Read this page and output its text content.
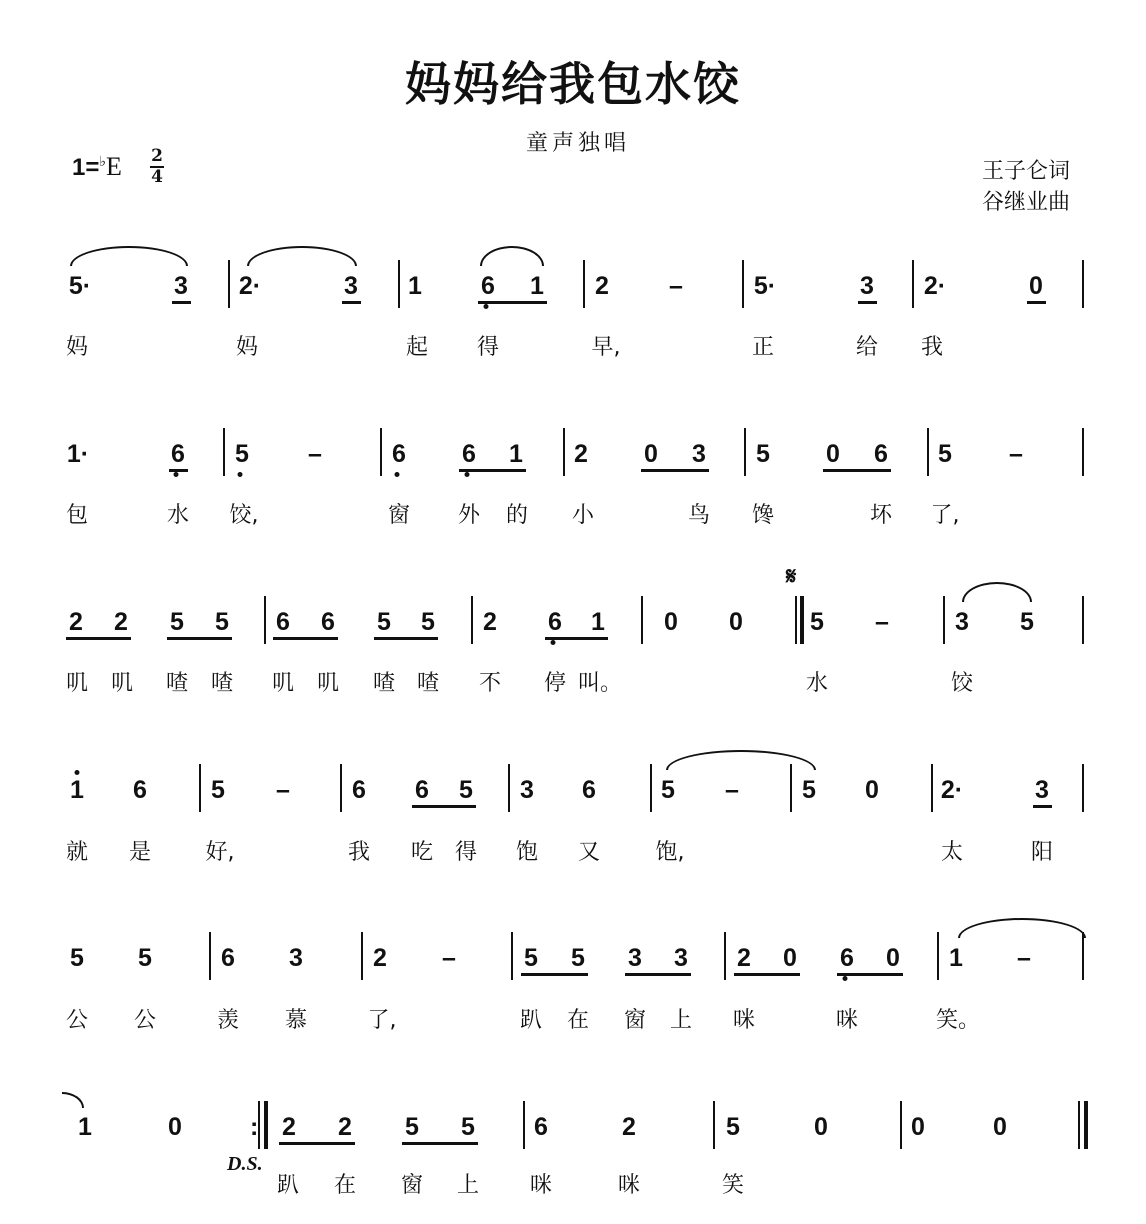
妈妈给我包水饺
童声独唱
1=♭E 2
4	王子仑词
谷继业曲
𝄋
D.S.
:
5·	3 2·	3 1 6 1 2 –	5·	3 2·	0
妈	妈	起 得	早,	正	给 我
1·	6 5 –	6 6 1 2 0 3 5 0 6 5 –
包	水 饺,	窗 外 的 小	鸟 馋	坏 了,
2 2 5 5 6 6 5 5 2 6 1 0 0	5 –	3 5
叽 叽 喳 喳 叽 叽 喳 喳 不 停 叫。	水	饺
1 6	5 – 6 6 5 3 6	5 –	5 0 2·	3
就 是 好,	我 吃 得 饱 又	饱,	太	阳
5 5	6 3	2 –	5 5 3 3 2 0 6 0 1 –
公 公	羡 慕	了,	趴 在 窗 上 咪	咪	笑。
1	0	2 2 5 5 6	2	5	0	0	0
趴 在 窗 上 咪	咪	笑
